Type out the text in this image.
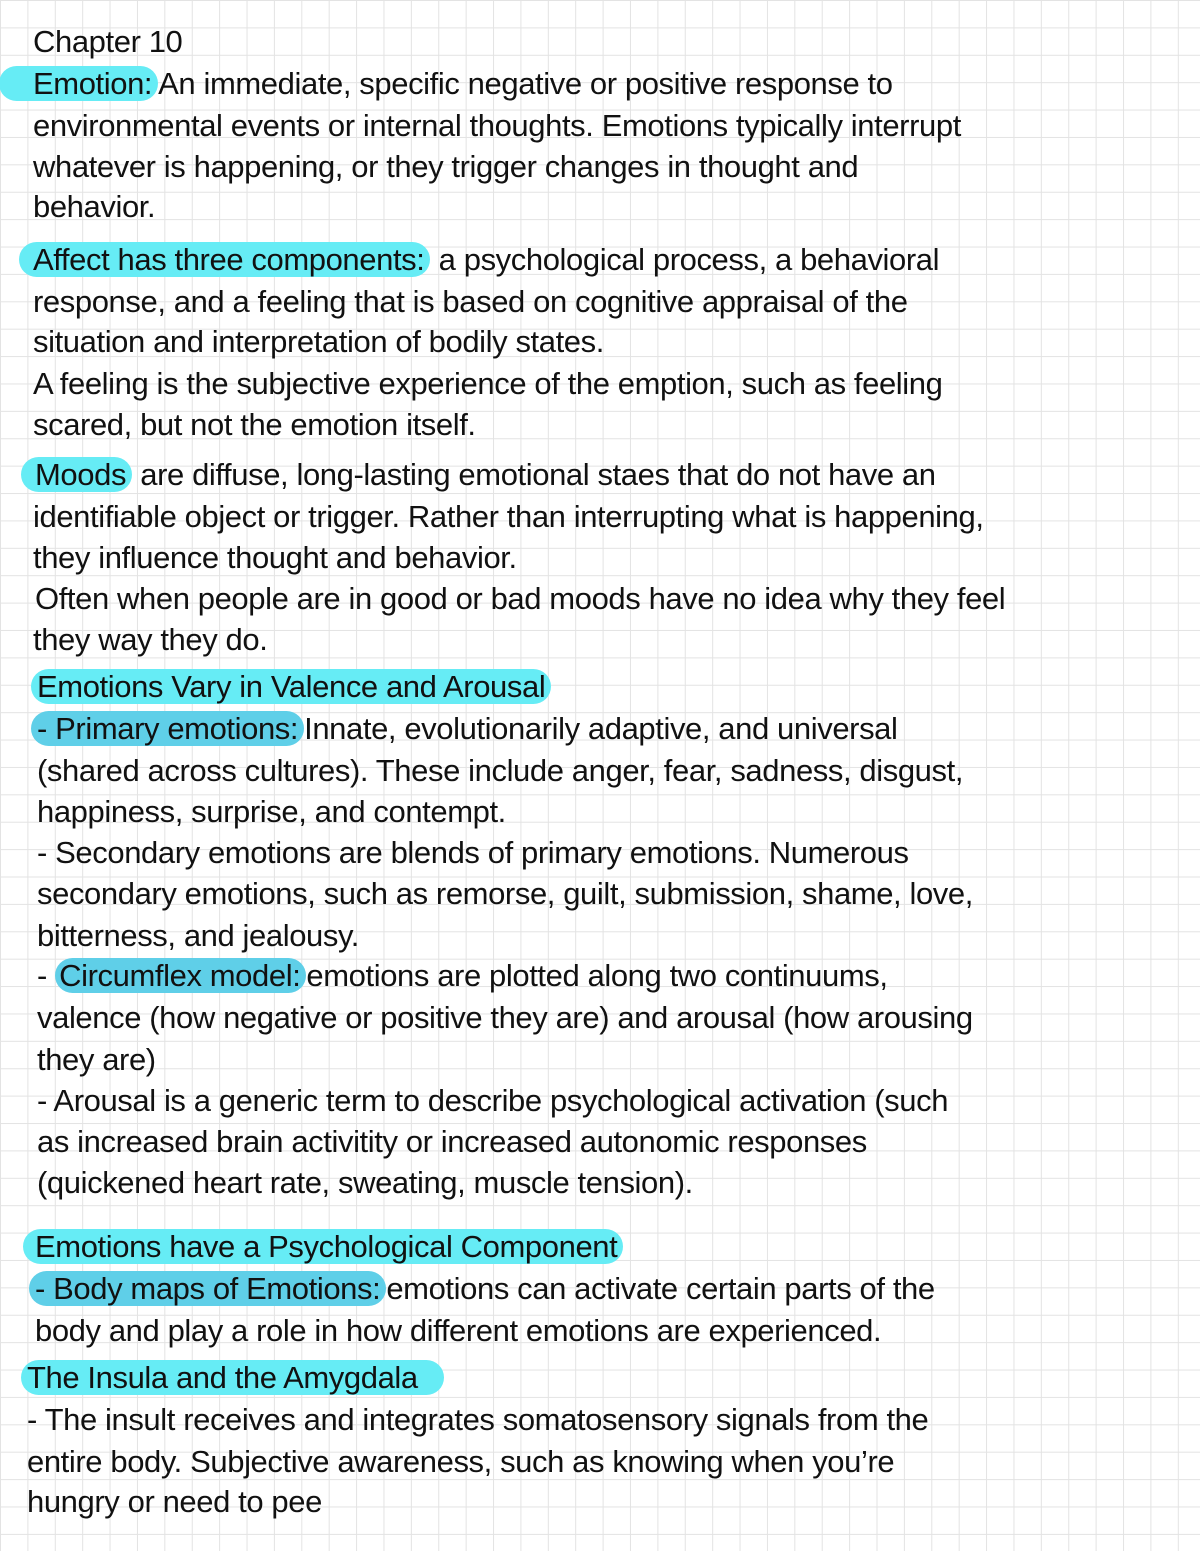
Chapter 10
Emotion: An immediate, specific negative or positive response to
environmental events or internal thoughts. Emotions typically interrupt
whatever is happening, or they trigger changes in thought and
behavior.
Affect has three components: a psychological process, a behavioral
response, and a feeling that is based on cognitive appraisal of the
situation and interpretation of bodily states.
A feeling is the subjective experience of the emption, such as feeling
scared, but not the emotion itself.
Moods are diffuse, long-lasting emotional staes that do not have an
identifiable object or trigger. Rather than interrupting what is happening,
they influence thought and behavior.
Often when people are in good or bad moods have no idea why they feel
they way they do.
Emotions Vary in Valence and Arousal
- Primary emotions: Innate, evolutionarily adaptive, and universal
(shared across cultures). These include anger, fear, sadness, disgust,
happiness, surprise, and contempt.
- Secondary emotions are blends of primary emotions. Numerous
secondary emotions, such as remorse, guilt, submission, shame, love,
bitterness, and jealousy.
- Circumflex model: emotions are plotted along two continuums,
valence (how negative or positive they are) and arousal (how arousing
they are)
- Arousal is a generic term to describe psychological activation (such
as increased brain activitity or increased autonomic responses
(quickened heart rate, sweating, muscle tension).
Emotions have a Psychological Component
- Body maps of Emotions: emotions can activate certain parts of the
body and play a role in how different emotions are experienced.
The Insula and the Amygdala
- The insult receives and integrates somatosensory signals from the
entire body. Subjective awareness, such as knowing when you’re
hungry or need to pee
